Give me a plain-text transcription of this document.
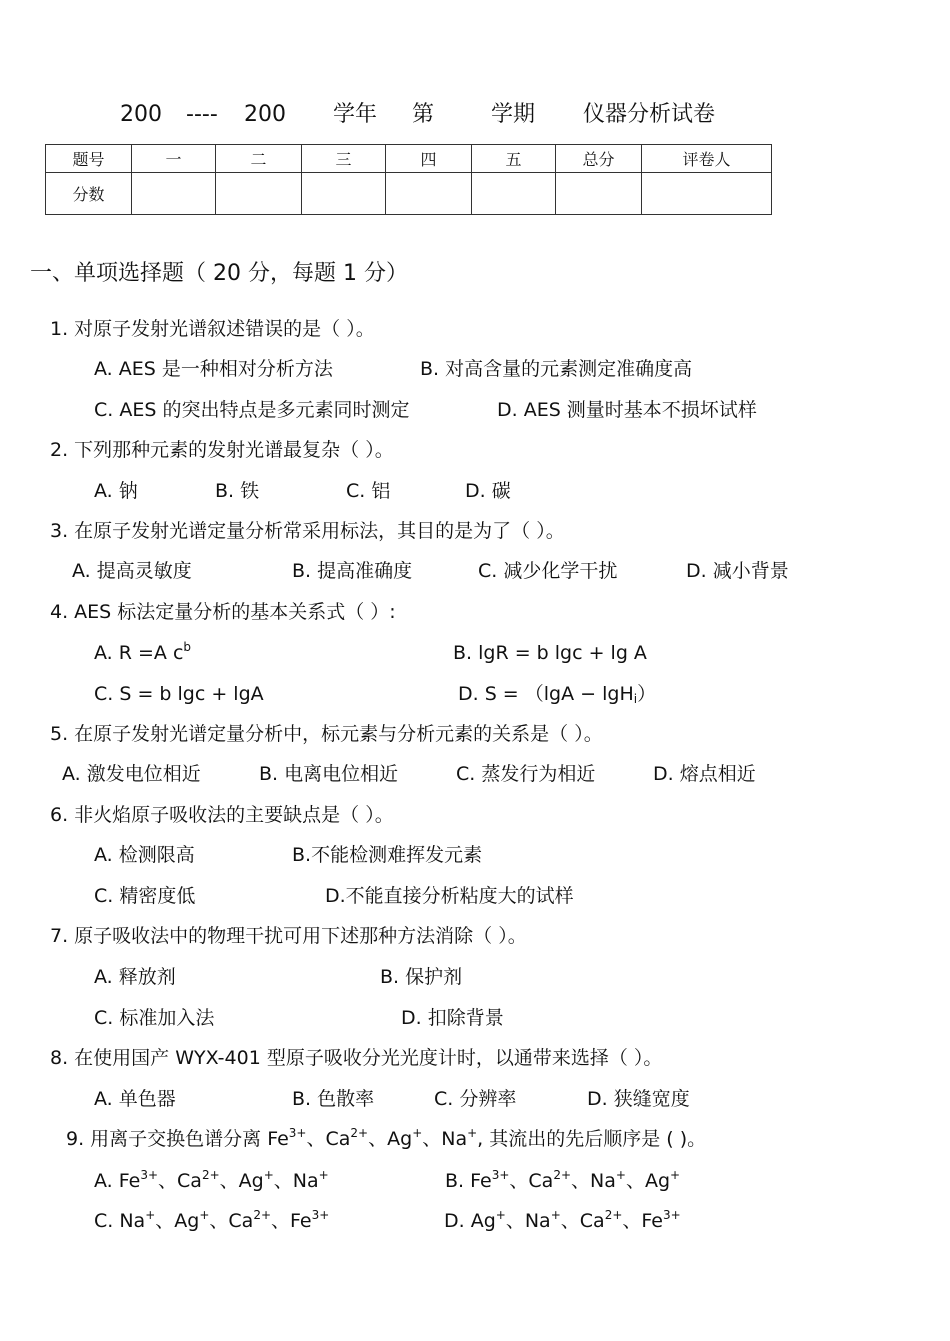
200 ---- 200 学年 第	学期 仪器分析试卷
题号	一	二	三	四	五	总分	评卷人
分数							
一、单项选择题（ 20 分，每题 1 分）
1. 对原子发射光谱叙述错误的是（ ）。
A. AES 是一种相对分析方法	B. 对高含量的元素测定准确度高
C. AES 的突出特点是多元素同时测定	D. AES 测量时基本不损坏试样
2. 下列那种元素的发射光谱最复杂（ ）。
A. 钠	B. 铁	C. 铝	D. 碳
3. 在原子发射光谱定量分析常采用标法，其目的是为了（ ）。
A. 提高灵敏度	B. 提高准确度	C. 减少化学干扰	D. 减小背景
4. AES 标法定量分析的基本关系式（ ）:
A. R =A $c^b$	B. lgR = b lgc + lg A
C. S = b lgc + lgA	D. S = （lgA − lgH$_i$）
5. 在原子发射光谱定量分析中，标元素与分析元素的关系是（ ）。
A. 激发电位相近	B. 电离电位相近	C. 蒸发行为相近	D. 熔点相近
6. 非火焰原子吸收法的主要缺点是（ ）。
A. 检测限高	B.不能检测难挥发元素
C. 精密度低	D.不能直接分析粘度大的试样
7. 原子吸收法中的物理干扰可用下述那种方法消除（ ）。
A. 释放剂	B. 保护剂
C. 标准加入法	D. 扣除背景
8. 在使用国产 WYX-401 型原子吸收分光光度计时，以通带来选择（ ）。
A. 单色器	B. 色散率	C. 分辨率	D. 狭缝宽度
9. 用离子交换色谱分离 $Fe^{3+}$、$Ca^{2+}$、Ag+、Na+, 其流出的先后顺序是 ( )。
A. $Fe^{3+}$、$Ca^{2+}$、Ag+、Na+	B. $Fe^{3+}$、$Ca^{2+}$、Na+、Ag+
C. Na+、Ag+、$Ca^{2+}$、$Fe^{3+}$	D. Ag+、Na+、$Ca^{2+}$、$Fe^{3+}$
